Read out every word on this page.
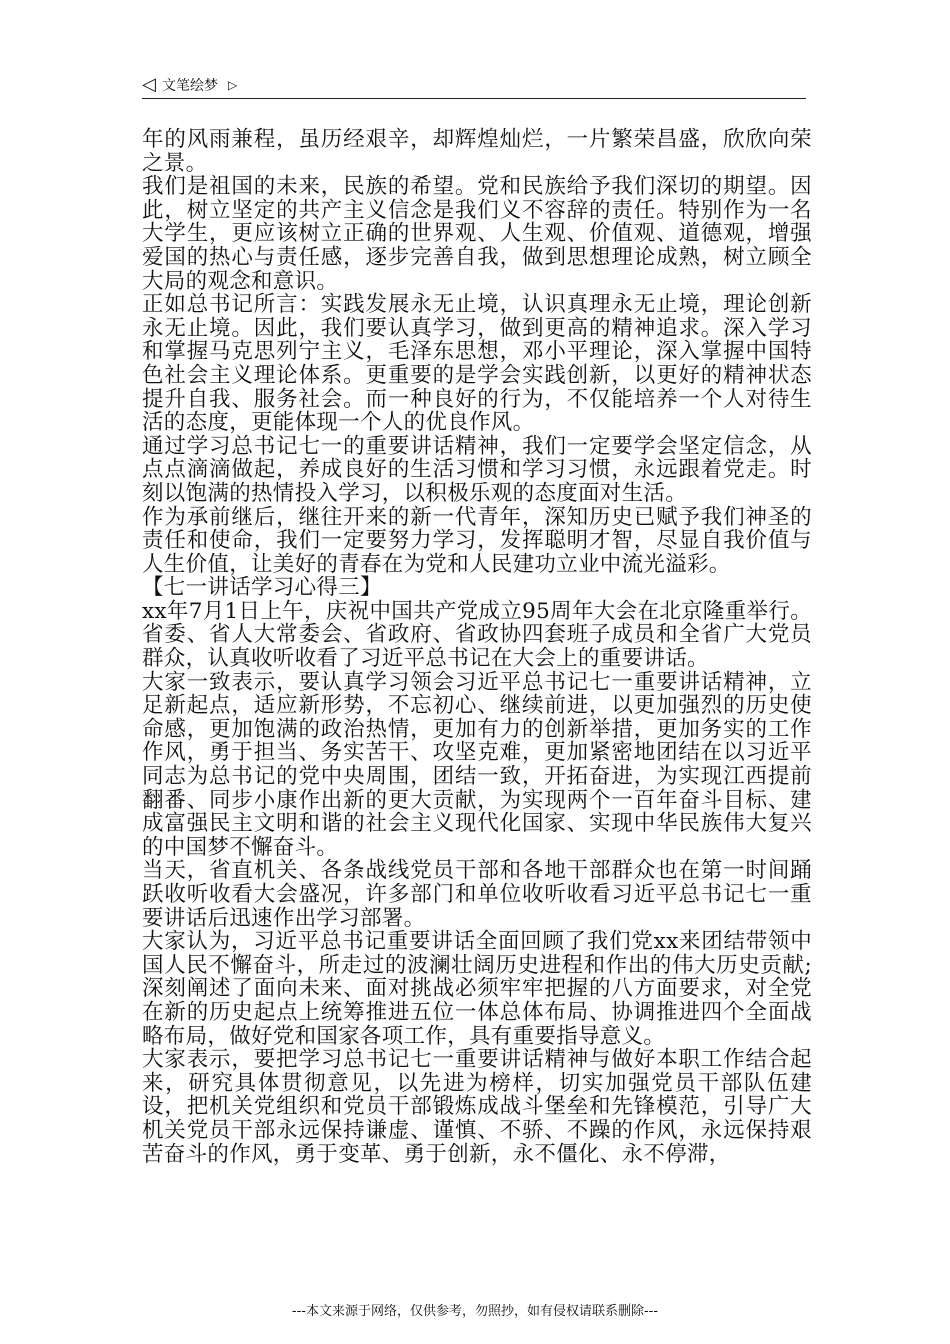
◁ 文笔绘梦 ▷

年的风雨兼程，虽历经艰辛，却辉煌灿烂，一片繁荣昌盛，欣欣向荣之景。

我们是祖国的未来，民族的希望。党和民族给予我们深切的期望。因此，树立坚定的共产主义信念是我们义不容辞的责任。特别作为一名大学生，更应该树立正确的世界观、人生观、价值观、道德观，增强爱国的热心与责任感，逐步完善自我，做到思想理论成熟，树立顾全大局的观念和意识。

正如总书记所言：实践发展永无止境，认识真理永无止境，理论创新永无止境。因此，我们要认真学习，做到更高的精神追求。深入学习和掌握马克思列宁主义，毛泽东思想，邓小平理论，深入掌握中国特色社会主义理论体系。更重要的是学会实践创新，以更好的精神状态提升自我、服务社会。而一种良好的行为，不仅能培养一个人对待生活的态度，更能体现一个人的优良作风。

通过学习总书记七一的重要讲话精神，我们一定要学会坚定信念，从点点滴滴做起，养成良好的生活习惯和学习习惯，永远跟着党走。时刻以饱满的热情投入学习，以积极乐观的态度面对生活。

作为承前继后，继往开来的新一代青年，深知历史已赋予我们神圣的责任和使命，我们一定要努力学习，发挥聪明才智，尽显自我价值与人生价值，让美好的青春在为党和人民建功立业中流光溢彩。

【七一讲话学习心得三】

xx年7月1日上午，庆祝中国共产党成立95周年大会在北京隆重举行。省委、省人大常委会、省政府、省政协四套班子成员和全省广大党员群众，认真收听收看了习近平总书记在大会上的重要讲话。

大家一致表示，要认真学习领会习近平总书记七一重要讲话精神，立足新起点，适应新形势，不忘初心、继续前进，以更加强烈的历史使命感，更加饱满的政治热情，更加有力的创新举措，更加务实的工作作风，勇于担当、务实苦干、攻坚克难，更加紧密地团结在以习近平同志为总书记的党中央周围，团结一致，开拓奋进，为实现江西提前翻番、同步小康作出新的更大贡献，为实现两个一百年奋斗目标、建成富强民主文明和谐的社会主义现代化国家、实现中华民族伟大复兴的中国梦不懈奋斗。

当天，省直机关、各条战线党员干部和各地干部群众也在第一时间踊跃收听收看大会盛况，许多部门和单位收听收看习近平总书记七一重要讲话后迅速作出学习部署。

大家认为，习近平总书记重要讲话全面回顾了我们党xx来团结带领中国人民不懈奋斗，所走过的波澜壮阔历史进程和作出的伟大历史贡献;深刻阐述了面向未来、面对挑战必须牢牢把握的八方面要求，对全党在新的历史起点上统筹推进五位一体总体布局、协调推进四个全面战略布局，做好党和国家各项工作，具有重要指导意义。

大家表示，要把学习总书记七一重要讲话精神与做好本职工作结合起来，研究具体贯彻意见，以先进为榜样，切实加强党员干部队伍建设，把机关党组织和党员干部锻炼成战斗堡垒和先锋模范，引导广大机关党员干部永远保持谦虚、谨慎、不骄、不躁的作风，永远保持艰苦奋斗的作风，勇于变革、勇于创新，永不僵化、永不停滞，

---本文来源于网络，仅供参考，勿照抄，如有侵权请联系删除---
